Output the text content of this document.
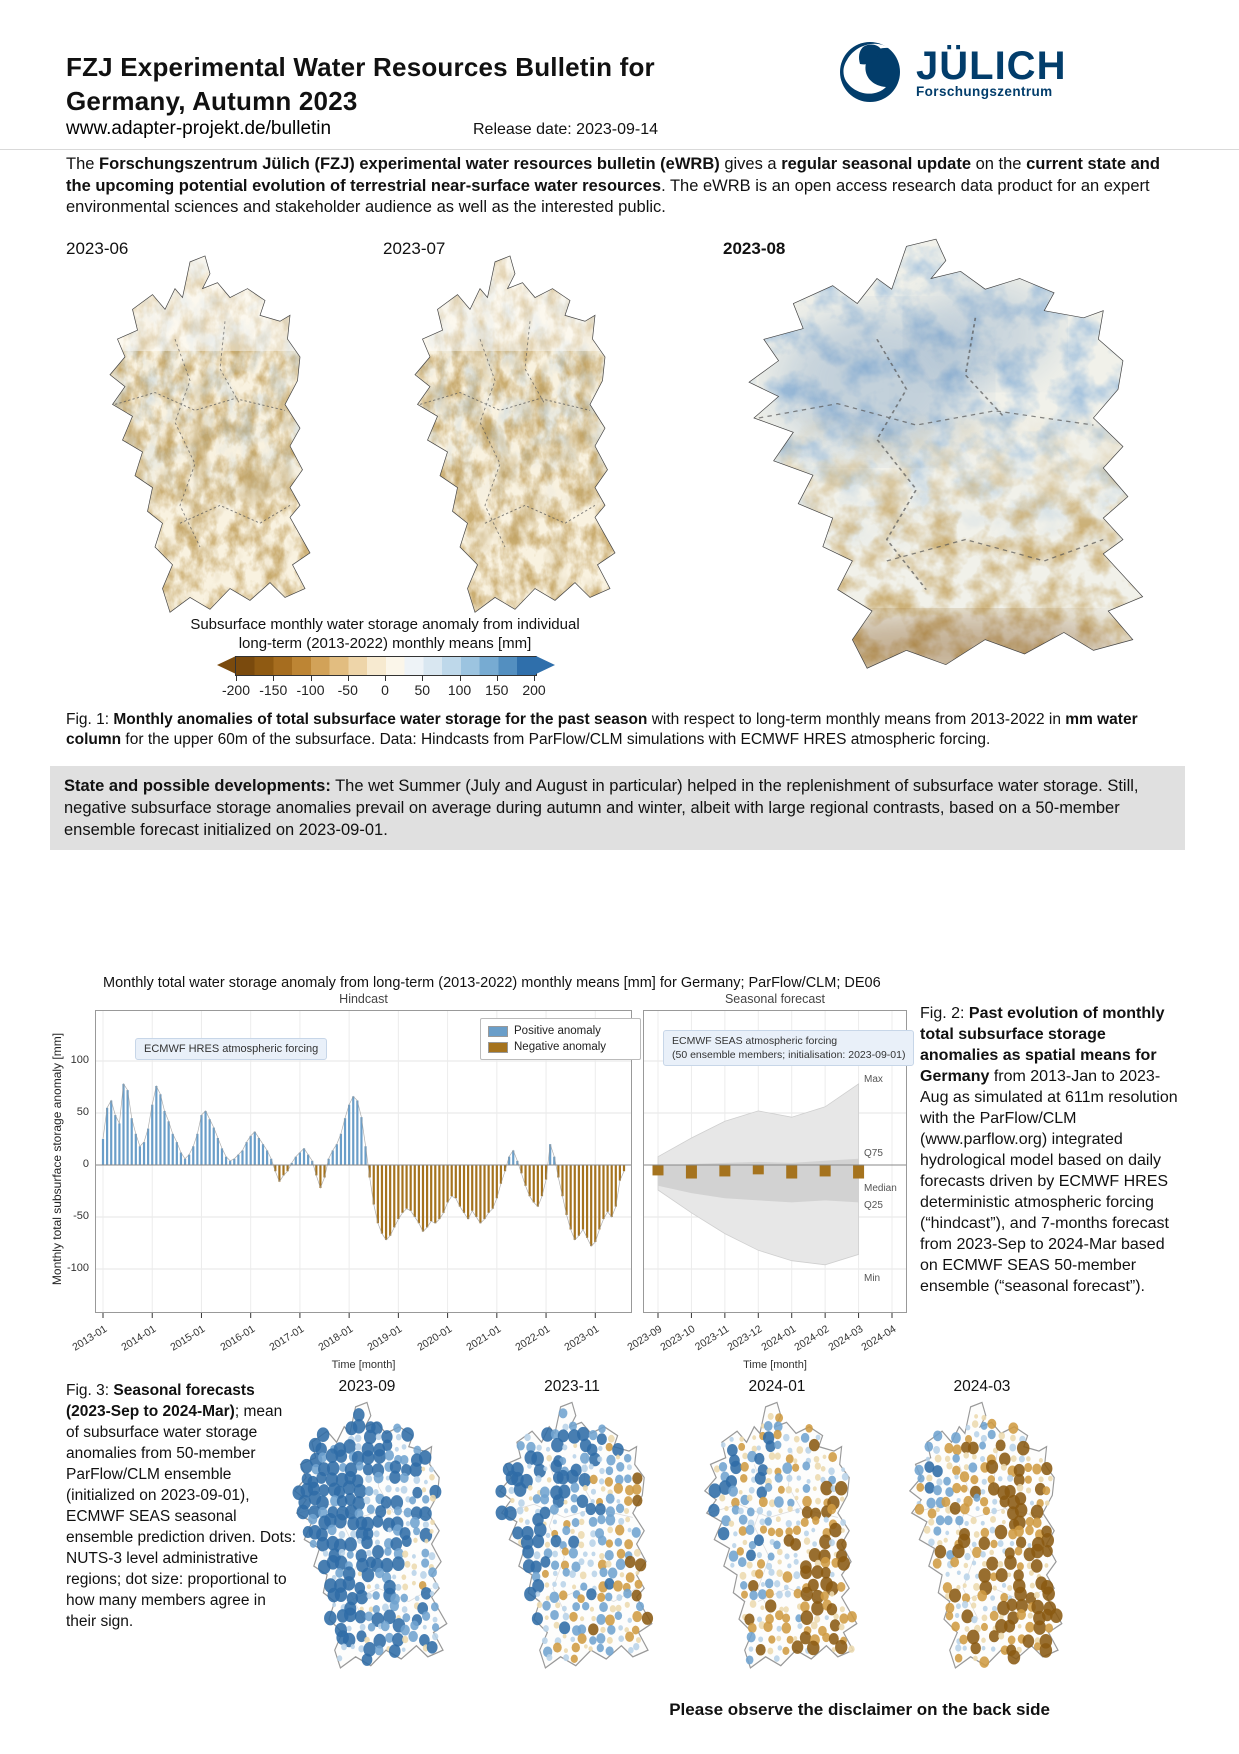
FZJ Experimental Water Resources Bulletin for
Germany, Autumn 2023
JÜLICH
Forschungszentrum
www.adapter-projekt.de/bulletin	Release date: 2023-09-14

The Forschungszentrum Jülich (FZJ) experimental water resources bulletin (eWRB) gives a regular seasonal update on the current state and the upcoming potential evolution of terrestrial near-surface water resources. The eWRB is an open access research data product for an expert environmental sciences and stakeholder audience as well as the interested public.

2023-06	2023-07	2023-08
Subsurface monthly water storage anomaly from individual
long-term (2013-2022) monthly means [mm]
-200 -150 -100 -50	0	50	100 150 200

Fig. 1: Monthly anomalies of total subsurface water storage for the past season with respect to long-term monthly means from 2013-2022 in mm water column for the upper 60m of the subsurface. Data: Hindcasts from ParFlow/CLM simulations with ECMWF HRES atmospheric forcing.

State and possible developments: The wet Summer (July and August in particular) helped in the replenishment of subsurface water storage. Still, negative subsurface storage anomalies prevail on average during autumn and winter, albeit with large regional contrasts, based on a 50-member ensemble forecast initialized on 2023-09-01.
Monthly total water storage anomaly from long-term (2013-2022) monthly means [mm] for Germany; ParFlow/CLM; DE06
Hindcast	Seasonal forecast
Monthly total subsurface storage anomaly [mm] 100
50
0
-50
-100
2013-01 2014-01 2015-01 2016-01 2017-01 2018-01 2019-01 2020-01 2021-01 2022-01 2023-01
Time [month]
2023-09
2023-10
2023-11
2023-12
2024-01
2024-02
2024-03
2024-04
Time [month]
Positive anomaly
Negative anomaly
ECMWF HRES atmospheric forcing
ECMWF SEAS atmospheric forcing
(50 ensemble members; initialisation: 2023-09-01)
Max
Q75
Median
Q25
Min

Fig. 2: Past evolution of monthly total subsurface storage anomalies as spatial means for Germany from 2013-Jan to 2023-Aug as simulated at 611m resolution with the ParFlow/CLM (www.parflow.org) integrated hydrological model based on daily forecasts driven by ECMWF HRES deterministic atmospheric forcing (“hindcast”), and 7-months forecast from 2023-Sep to 2024-Mar based on ECMWF SEAS 50-member ensemble (“seasonal forecast”).

Fig. 3: Seasonal forecasts (2023-Sep to 2024-Mar); mean of subsurface water storage anomalies from 50-member ParFlow/CLM ensemble (initialized on 2023-09-01), ECMWF SEAS seasonal ensemble prediction driven. Dots: NUTS-3 level administrative regions; dot size: proportional to how many members agree in their sign.

2023-09	2023-11	2024-01	2024-03
Please observe the disclaimer on the back side
